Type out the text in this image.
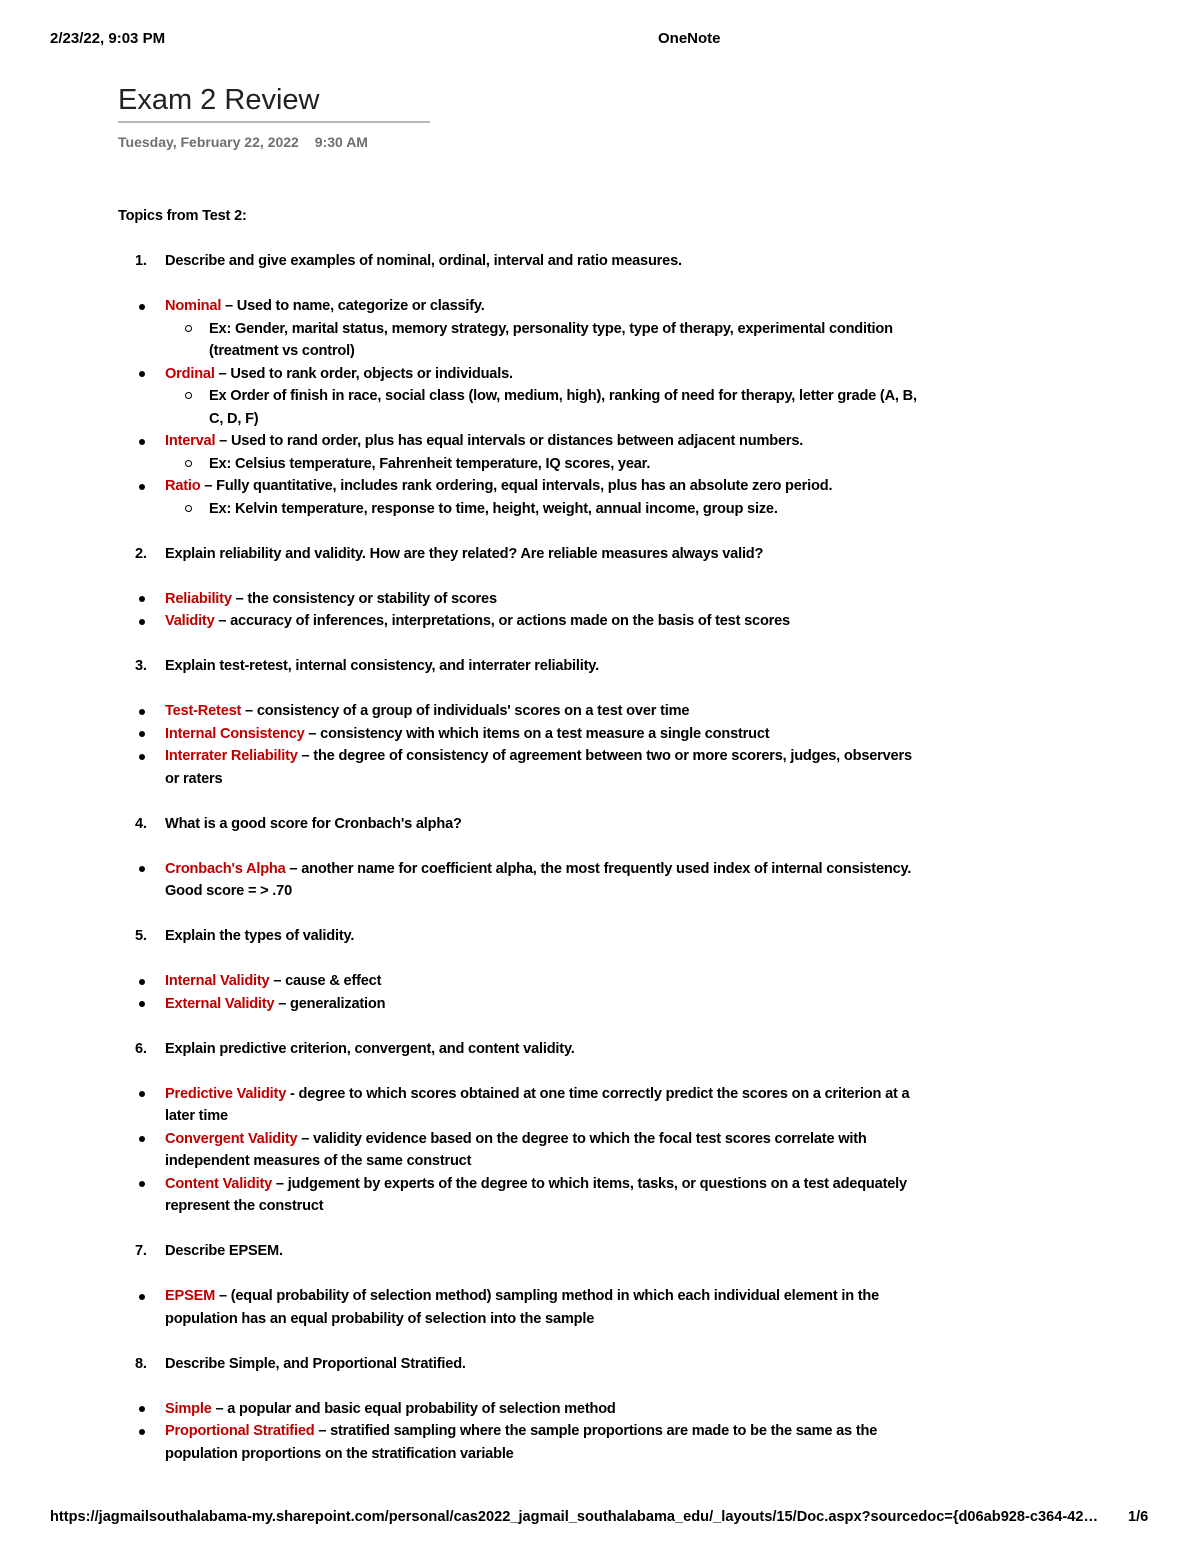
2/23/22, 9:03 PM	OneNote
Exam 2 Review
Tuesday, February 22, 2022 9:30 AM

Topics from Test 2:

1. Describe and give examples of nominal, ordinal, interval and ratio measures.

Nominal – Used to name, categorize or classify.
Ex: Gender, marital status, memory strategy, personality type, type of therapy, experimental condition (treatment vs control)
Ordinal – Used to rank order, objects or individuals.
Ex Order of finish in race, social class (low, medium, high), ranking of need for therapy, letter grade (A, B, C, D, F)
Interval – Used to rand order, plus has equal intervals or distances between adjacent numbers.
Ex: Celsius temperature, Fahrenheit temperature, IQ scores, year.
Ratio – Fully quantitative, includes rank ordering, equal intervals, plus has an absolute zero period.
Ex: Kelvin temperature, response to time, height, weight, annual income, group size.

2. Explain reliability and validity. How are they related? Are reliable measures always valid?

Reliability – the consistency or stability of scores
Validity – accuracy of inferences, interpretations, or actions made on the basis of test scores

3. Explain test-retest, internal consistency, and interrater reliability.

Test-Retest – consistency of a group of individuals' scores on a test over time
Internal Consistency – consistency with which items on a test measure a single construct
Interrater Reliability – the degree of consistency of agreement between two or more scorers, judges, observers or raters

4. What is a good score for Cronbach's alpha?

Cronbach's Alpha – another name for coefficient alpha, the most frequently used index of internal consistency. Good score = > .70

5. Explain the types of validity.

Internal Validity – cause & effect
External Validity – generalization

6. Explain predictive criterion, convergent, and content validity.

Predictive Validity - degree to which scores obtained at one time correctly predict the scores on a criterion at a later time
Convergent Validity – validity evidence based on the degree to which the focal test scores correlate with independent measures of the same construct
Content Validity – judgement by experts of the degree to which items, tasks, or questions on a test adequately represent the construct

7. Describe EPSEM.

EPSEM – (equal probability of selection method) sampling method in which each individual element in the population has an equal probability of selection into the sample

8. Describe Simple, and Proportional Stratified.

Simple – a popular and basic equal probability of selection method
Proportional Stratified – stratified sampling where the sample proportions are made to be the same as the population proportions on the stratification variable
https://jagmailsouthalabama-my.sharepoint.com/personal/cas2022_jagmail_southalabama_edu/_layouts/15/Doc.aspx?sourcedoc={d06ab928-c364-42… 1/6
